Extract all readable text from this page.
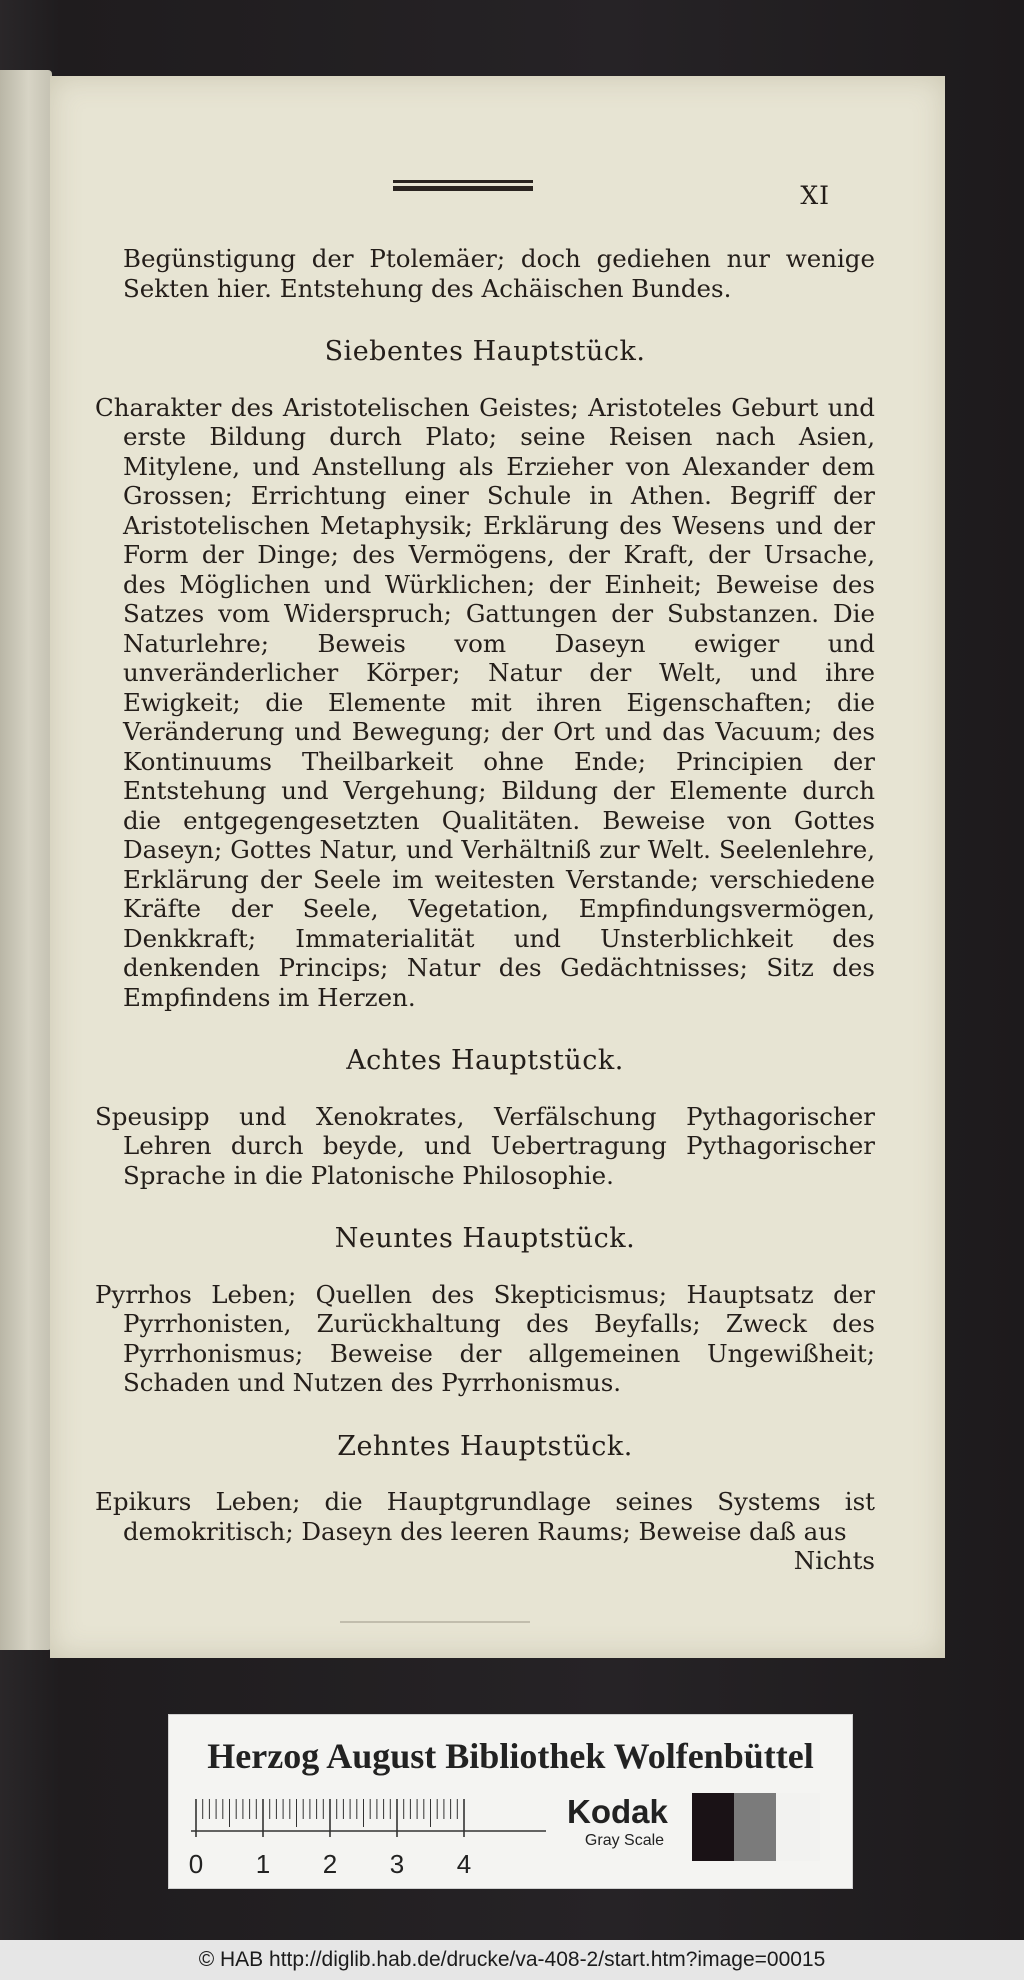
XI

Begünstigung der Ptolemäer; doch gediehen nur wenige Sekten hier. Entstehung des Achäischen Bundes.

Siebentes Hauptstück.

Charakter des Aristotelischen Geistes; Aristoteles Geburt und erste Bildung durch Plato; seine Reisen nach Asien, Mitylene, und Anstellung als Erzieher von Alexander dem Grossen; Errichtung einer Schule in Athen. Begriff der Aristotelischen Metaphysik; Erklärung des Wesens und der Form der Dinge; des Vermögens, der Kraft, der Ursache, des Möglichen und Würklichen; der Einheit; Beweise des Satzes vom Widerspruch; Gattungen der Substanzen. Die Naturlehre; Beweis vom Daseyn ewiger und unveränderlicher Körper; Natur der Welt, und ihre Ewigkeit; die Elemente mit ihren Eigenschaften; die Veränderung und Bewegung; der Ort und das Vacuum; des Kontinuums Theilbarkeit ohne Ende; Principien der Entstehung und Vergehung; Bildung der Elemente durch die entgegengesetzten Qualitäten. Beweise von Gottes Daseyn; Gottes Natur, und Verhältniß zur Welt. Seelenlehre, Erklärung der Seele im weitesten Verstande; verschiedene Kräfte der Seele, Vegetation, Empfindungsvermögen, Denkkraft; Immaterialität und Unsterblichkeit des denkenden Princips; Natur des Gedächtnisses; Sitz des Empfindens im Herzen.

Achtes Hauptstück.

Speusipp und Xenokrates, Verfälschung Pythagorischer Lehren durch beyde, und Uebertragung Pythagorischer Sprache in die Platonische Philosophie.

Neuntes Hauptstück.

Pyrrhos Leben; Quellen des Skepticismus; Hauptsatz der Pyrrhonisten, Zurückhaltung des Beyfalls; Zweck des Pyrrhonismus; Beweise der allgemeinen Ungewißheit; Schaden und Nutzen des Pyrrhonismus.

Zehntes Hauptstück.

Epikurs Leben; die Hauptgrundlage seines Systems ist demokritisch; Daseyn des leeren Raums; Beweise daß aus

Nichts
Herzog August Bibliothek Wolfenbüttel
0 1 2 3 4
Kodak
Gray Scale
© HAB http://diglib.hab.de/drucke/va-408-2/start.htm?image=00015
